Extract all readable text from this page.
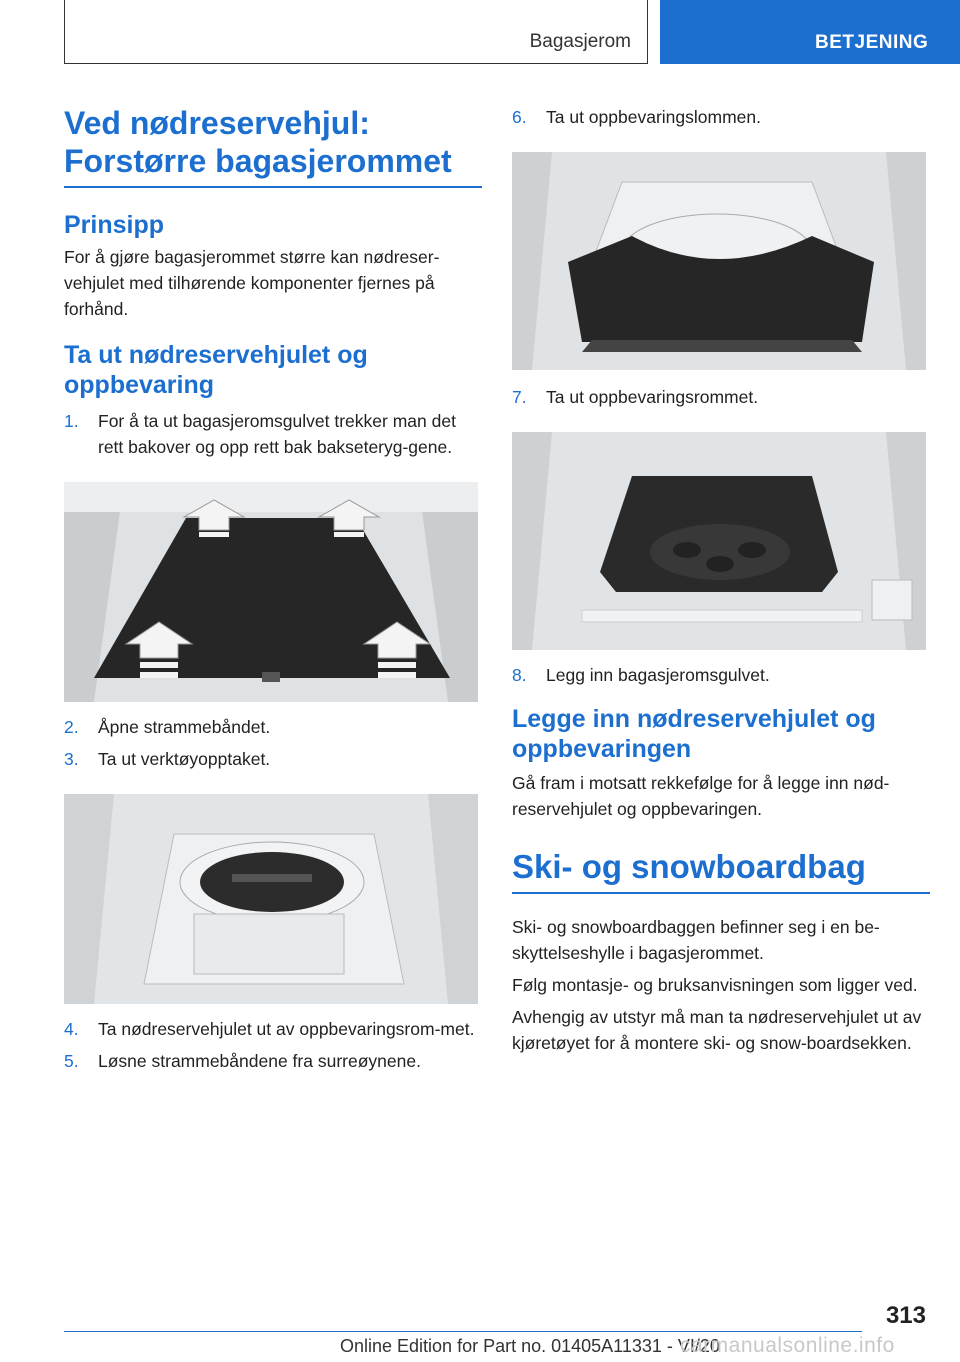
Bagasjerom	BETJENING
Ved nødreservehjul: Forstørre bagasjerommet
Prinsipp

For å gjøre bagasjerommet større kan nødreser-vehjulet med tilhørende komponenter fjernes på forhånd.

Ta ut nødreservehjulet og oppbevaring
1. For å ta ut bagasjeromsgulvet trekker man det rett bakover og opp rett bak bakseteryg-gene.
2. Åpne strammebåndet.
3. Ta ut verktøyopptaket.
4. Ta nødreservehjulet ut av oppbevaringsrom-met.
5. Løsne strammebåndene fra surreøynene.
6. Ta ut oppbevaringslommen.
7. Ta ut oppbevaringsrommet.
8. Legg inn bagasjeromsgulvet.
Legge inn nødreservehjulet og oppbevaringen

Gå fram i motsatt rekkefølge for å legge inn nød-reservehjulet og oppbevaringen.

Ski- og snowboardbag

Ski- og snowboardbaggen befinner seg i en be-skyttelseshylle i bagasjerommet.

Følg montasje- og bruksanvisningen som ligger ved.

Avhengig av utstyr må man ta nødreservehjulet ut av kjøretøyet for å montere ski- og snow-boardsekken.

313
Online Edition for Part no. 01405A11331 - VI/20
carmanualsonline.info
